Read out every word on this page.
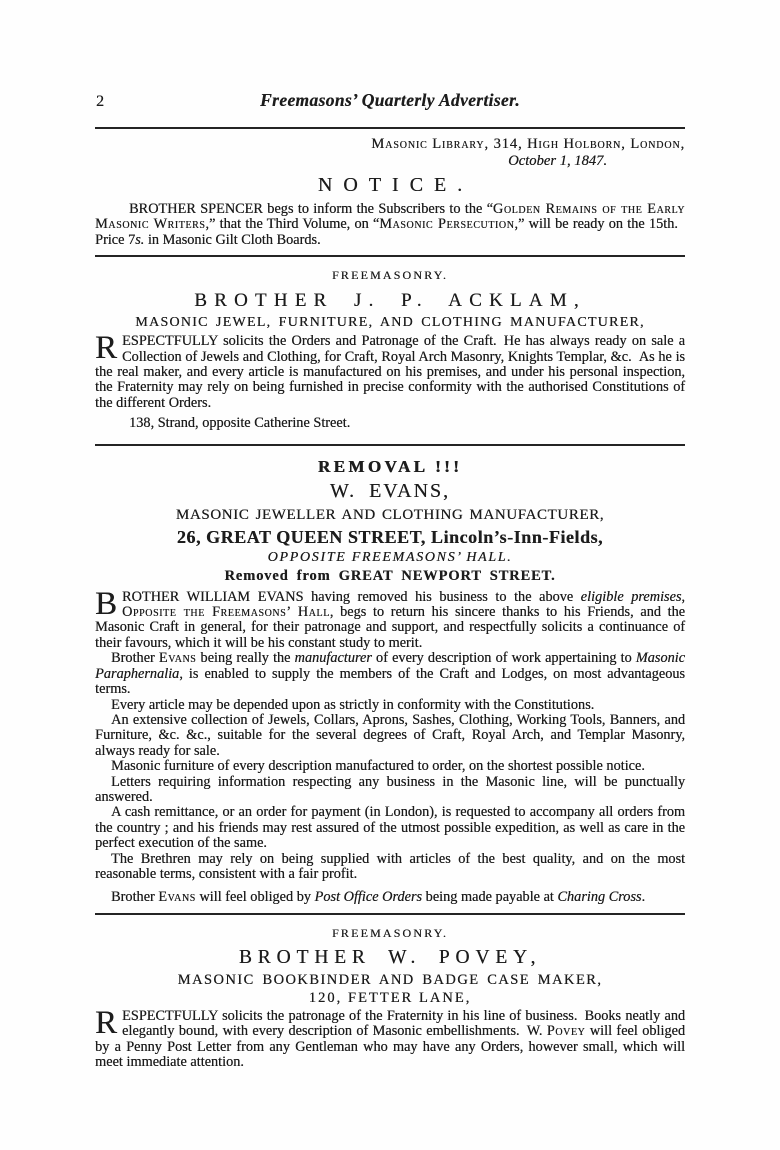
2	Freemasons’ Quarterly Advertiser.

Masonic Library, 314, High Holborn, London,

October 1, 1847.

NOTICE.

BROTHER SPENCER begs to inform the Subscribers to the “Golden Remains of the Early Masonic Writers,” that the Third Volume, on “Masonic Persecution,” will be ready on the 15th. Price 7s. in Masonic Gilt Cloth Boards.

FREEMASONRY.

BROTHER J. P. ACKLAM,
MASONIC JEWEL, FURNITURE, AND CLOTHING MANUFACTURER,

RESPECTFULLY solicits the Orders and Patronage of the Craft. He has always ready on sale a Collection of Jewels and Clothing, for Craft, Royal Arch Masonry, Knights Templar, &c. As he is the real maker, and every article is manufactured on his premises, and under his personal inspection, the Fraternity may rely on being furnished in precise conformity with the authorised Constitutions of the different Orders.

138, Strand, opposite Catherine Street.

REMOVAL !!!
W. EVANS,
MASONIC JEWELLER AND CLOTHING MANUFACTURER,
26, GREAT QUEEN STREET, Lincoln’s-Inn-Fields,
OPPOSITE FREEMASONS’ HALL.
Removed from GREAT NEWPORT STREET.

BROTHER WILLIAM EVANS having removed his business to the above eligible premises, Opposite the Freemasons’ Hall, begs to return his sincere thanks to his Friends, and the Masonic Craft in general, for their patronage and support, and respectfully solicits a continuance of their favours, which it will be his constant study to merit.

Brother Evans being really the manufacturer of every description of work appertaining to Masonic Paraphernalia, is enabled to supply the members of the Craft and Lodges, on most advantageous terms.

Every article may be depended upon as strictly in conformity with the Constitutions.

An extensive collection of Jewels, Collars, Aprons, Sashes, Clothing, Working Tools, Banners, and Furniture, &c. &c., suitable for the several degrees of Craft, Royal Arch, and Templar Masonry, always ready for sale.

Masonic furniture of every description manufactured to order, on the shortest possible notice.

Letters requiring information respecting any business in the Masonic line, will be punctually answered.

A cash remittance, or an order for payment (in London), is requested to accompany all orders from the country ; and his friends may rest assured of the utmost possible expedition, as well as care in the perfect execution of the same.

The Brethren may rely on being supplied with articles of the best quality, and on the most reasonable terms, consistent with a fair profit.

Brother Evans will feel obliged by Post Office Orders being made payable at Charing Cross.

FREEMASONRY.

BROTHER W. POVEY,
MASONIC BOOKBINDER AND BADGE CASE MAKER,
120, FETTER LANE,

RESPECTFULLY solicits the patronage of the Fraternity in his line of business. Books neatly and elegantly bound, with every description of Masonic embellishments. W. Povey will feel obliged by a Penny Post Letter from any Gentleman who may have any Orders, however small, which will meet immediate attention.
